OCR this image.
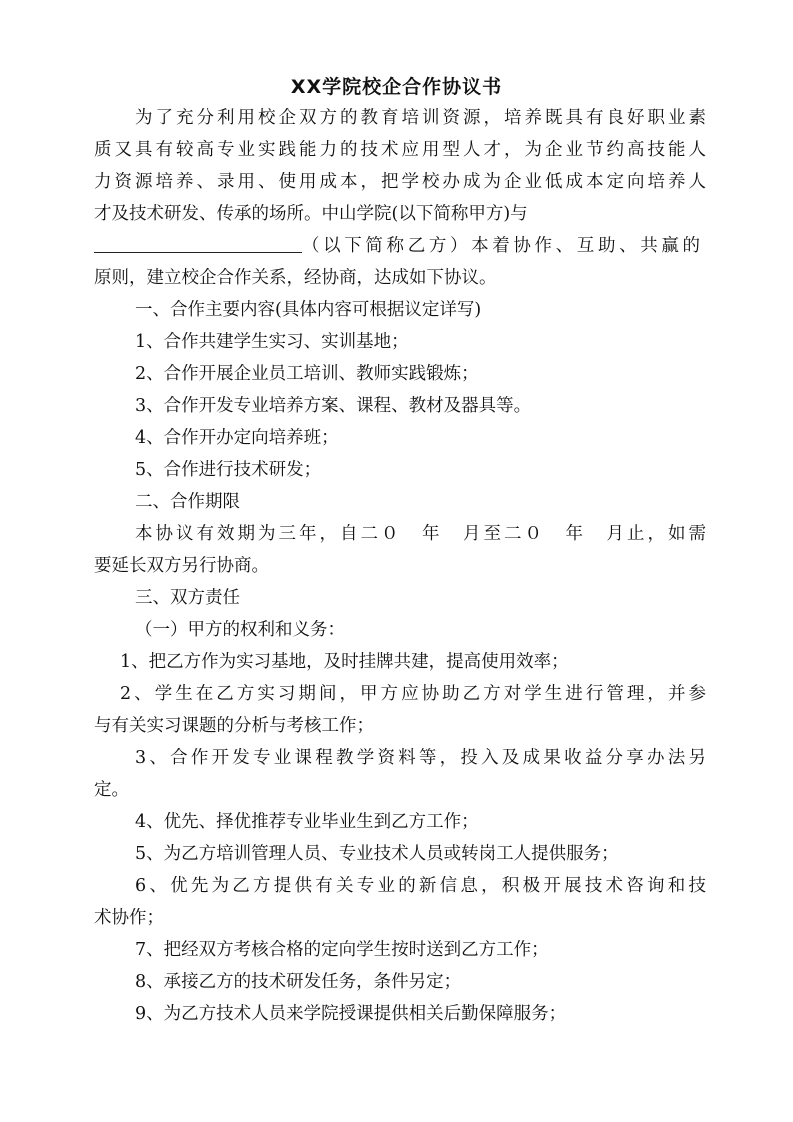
XX学院校企合作协议书
为了充分利用校企双方的教育培训资源，培养既具有良好职业素
质又具有较高专业实践能力的技术应用型人才，为企业节约高技能人
力资源培养、录用、使用成本，把学校办成为企业低成本定向培养人
才及技术研发、传承的场所。中山学院(以下简称甲方)与
（以下简称乙方）本着协作、互助、共赢的
原则，建立校企合作关系，经协商，达成如下协议。
一、合作主要内容(具体内容可根据议定详写)
1、合作共建学生实习、实训基地；
2、合作开展企业员工培训、教师实践锻炼；
3、合作开发专业培养方案、课程、教材及器具等。
4、合作开办定向培养班；
5、合作进行技术研发；
二、合作期限
本协议有效期为三年，自二０　年　月至二０　年　月止，如需
要延长双方另行协商。
三、双方责任
（一）甲方的权利和义务：
1、把乙方作为实习基地，及时挂牌共建，提高使用效率；
2、学生在乙方实习期间，甲方应协助乙方对学生进行管理，并参
与有关实习课题的分析与考核工作；
3、合作开发专业课程教学资料等，投入及成果收益分享办法另
定。
4、优先、择优推荐专业毕业生到乙方工作；
5、为乙方培训管理人员、专业技术人员或转岗工人提供服务；
6、优先为乙方提供有关专业的新信息，积极开展技术咨询和技
术协作；
7、把经双方考核合格的定向学生按时送到乙方工作；
8、承接乙方的技术研发任务，条件另定；
9、为乙方技术人员来学院授课提供相关后勤保障服务；
